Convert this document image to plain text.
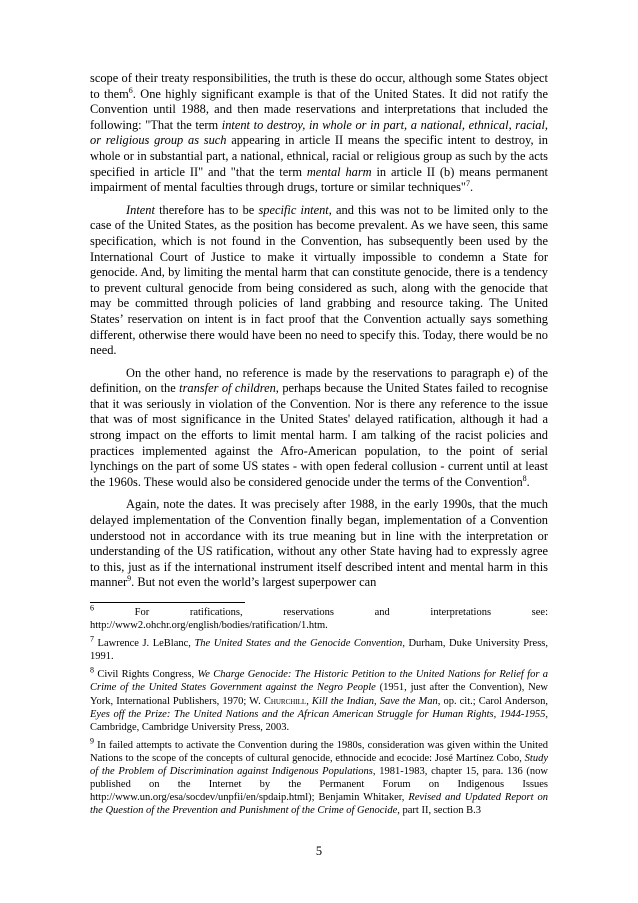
scope of their treaty responsibilities, the truth is these do occur, although some States object to them$^6$. One highly significant example is that of the United States. It did not ratify the Convention until 1988, and then made reservations and interpretations that included the following: "That the term intent to destroy, in whole or in part, a national, ethnical, racial, or religious group as such appearing in article II means the specific intent to destroy, in whole or in substantial part, a national, ethnical, racial or religious group as such by the acts specified in article II" and "that the term mental harm in article II (b) means permanent impairment of mental faculties through drugs, torture or similar techniques"$^7$.

Intent therefore has to be specific intent, and this was not to be limited only to the case of the United States, as the position has become prevalent. As we have seen, this same specification, which is not found in the Convention, has subsequently been used by the International Court of Justice to make it virtually impossible to condemn a State for genocide. And, by limiting the mental harm that can constitute genocide, there is a tendency to prevent cultural genocide from being considered as such, along with the genocide that may be committed through policies of land grabbing and resource taking. The United States’ reservation on intent is in fact proof that the Convention actually says something different, otherwise there would have been no need to specify this. Today, there would be no need.

On the other hand, no reference is made by the reservations to paragraph e) of the definition, on the transfer of children, perhaps because the United States failed to recognise that it was seriously in violation of the Convention. Nor is there any reference to the issue that was of most significance in the United States' delayed ratification, although it had a strong impact on the efforts to limit mental harm. I am talking of the racist policies and practices implemented against the Afro-American population, to the point of serial lynchings on the part of some US states - with open federal collusion - current until at least the 1960s. These would also be considered genocide under the terms of the Convention$^8$.

Again, note the dates. It was precisely after 1988, in the early 1990s, that the much delayed implementation of the Convention finally began, implementation of a Convention understood not in accordance with its true meaning but in line with the interpretation or understanding of the US ratification, without any other State having had to expressly agree to this, just as if the international instrument itself described intent and mental harm in this manner$^9$. But not even the world’s largest superpower can

$^6$	For ratifications, reservations and interpretations see: http://www2.ohchr.org/english/bodies/ratification/1.htm.

$^7$ Lawrence J. LeBlanc, The United States and the Genocide Convention, Durham, Duke University Press, 1991.

$^8$ Civil Rights Congress, We Charge Genocide: The Historic Petition to the United Nations for Relief for a Crime of the United States Government against the Negro People (1951, just after the Convention), New York, International Publishers, 1970; W. Churchill, Kill the Indian, Save the Man, op. cit.; Carol Anderson, Eyes off the Prize: The United Nations and the African American Struggle for Human Rights, 1944-1955, Cambridge, Cambridge University Press, 2003.

$^9$ In failed attempts to activate the Convention during the 1980s, consideration was given within the United Nations to the scope of the concepts of cultural genocide, ethnocide and ecocide: José Martínez Cobo, Study of the Problem of Discrimination against Indigenous Populations, 1981-1983, chapter 15, para. 136 (now published on the Internet by the Permanent Forum on Indigenous Issues http://www.un.org/esa/socdev/unpfii/en/spdaip.html); Benjamin Whitaker, Revised and Updated Report on the Question of the Prevention and Punishment of the Crime of Genocide, part II, section B.3

5
